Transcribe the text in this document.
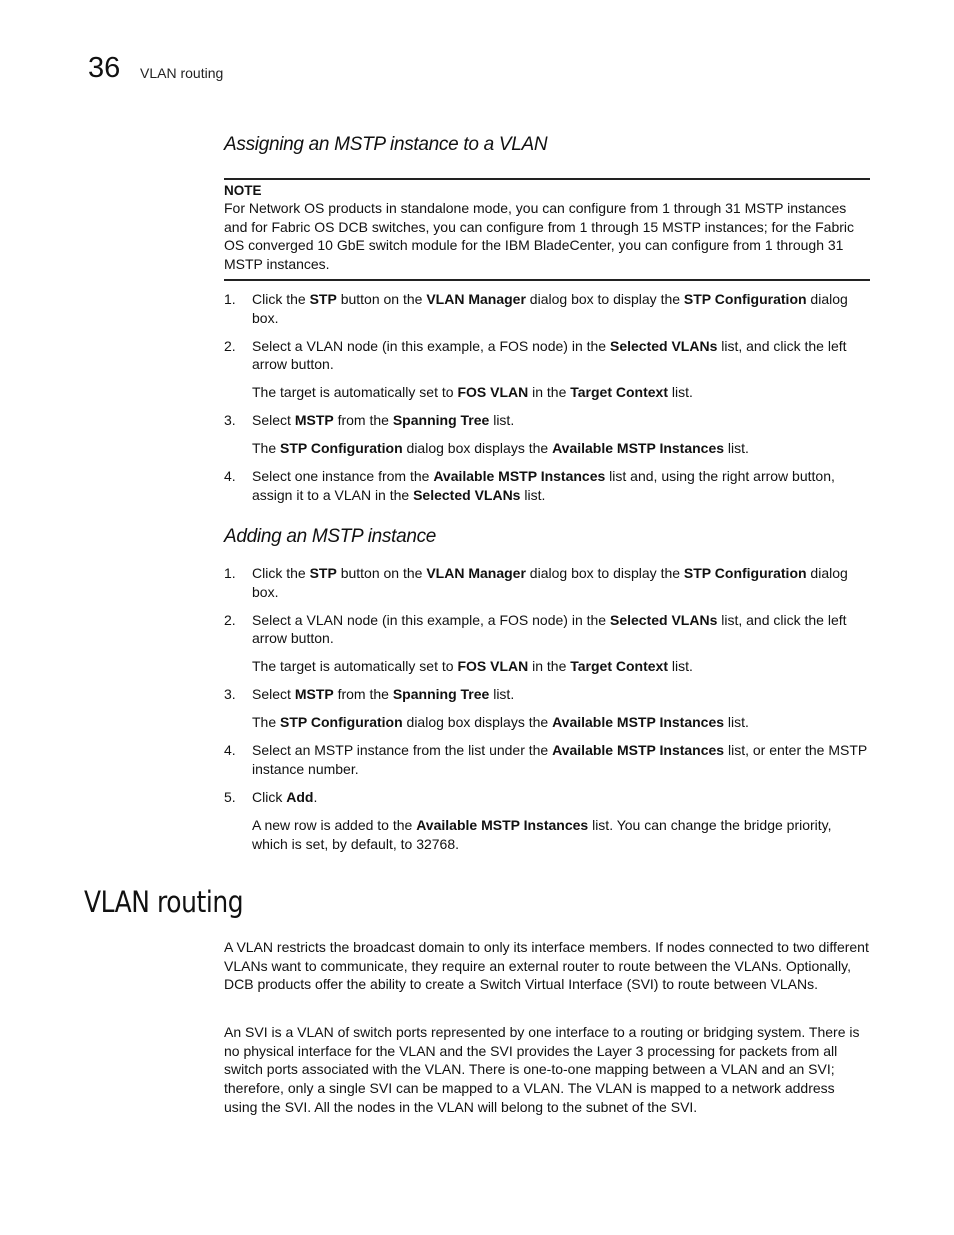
36 VLAN routing
Assigning an MSTP instance to a VLAN
NOTE
For Network OS products in standalone mode, you can configure from 1 through 31 MSTP instances and for Fabric OS DCB switches, you can configure from 1 through 15 MSTP instances; for the Fabric OS converged 10 GbE switch module for the IBM BladeCenter, you can configure from 1 through 31 MSTP instances.
1. Click the STP button on the VLAN Manager dialog box to display the STP Configuration dialog box.
2. Select a VLAN node (in this example, a FOS node) in the Selected VLANs list, and click the left arrow button.
The target is automatically set to FOS VLAN in the Target Context list.
3. Select MSTP from the Spanning Tree list.
The STP Configuration dialog box displays the Available MSTP Instances list.
4. Select one instance from the Available MSTP Instances list and, using the right arrow button, assign it to a VLAN in the Selected VLANs list.
Adding an MSTP instance
1. Click the STP button on the VLAN Manager dialog box to display the STP Configuration dialog box.
2. Select a VLAN node (in this example, a FOS node) in the Selected VLANs list, and click the left arrow button.
The target is automatically set to FOS VLAN in the Target Context list.
3. Select MSTP from the Spanning Tree list.
The STP Configuration dialog box displays the Available MSTP Instances list.
4. Select an MSTP instance from the list under the Available MSTP Instances list, or enter the MSTP instance number.
5. Click Add.
A new row is added to the Available MSTP Instances list. You can change the bridge priority, which is set, by default, to 32768.
VLAN routing

A VLAN restricts the broadcast domain to only its interface members. If nodes connected to two different VLANs want to communicate, they require an external router to route between the VLANs. Optionally, DCB products offer the ability to create a Switch Virtual Interface (SVI) to route between VLANs.

An SVI is a VLAN of switch ports represented by one interface to a routing or bridging system. There is no physical interface for the VLAN and the SVI provides the Layer 3 processing for packets from all switch ports associated with the VLAN. There is one-to-one mapping between a VLAN and an SVI; therefore, only a single SVI can be mapped to a VLAN. The VLAN is mapped to a network address using the SVI. All the nodes in the VLAN will belong to the subnet of the SVI.
